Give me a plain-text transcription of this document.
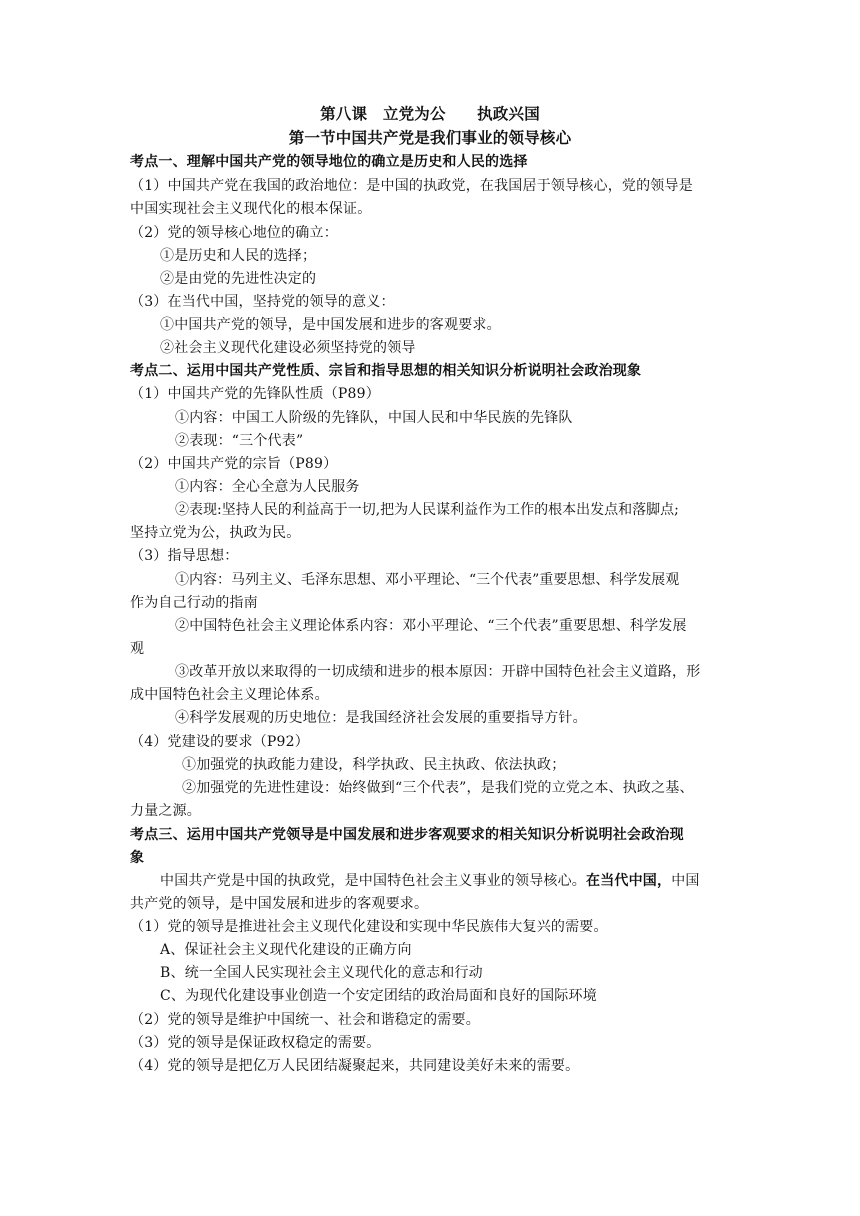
第八课　立党为公　　执政兴国
第一节中国共产党是我们事业的领导核心
考点一、理解中国共产党的领导地位的确立是历史和人民的选择
（1）中国共产党在我国的政治地位：是中国的执政党，在我国居于领导核心，党的领导是
中国实现社会主义现代化的根本保证。
（2）党的领导核心地位的确立：
①是历史和人民的选择；
②是由党的先进性决定的
（3）在当代中国，坚持党的领导的意义：
①中国共产党的领导，是中国发展和进步的客观要求。
②社会主义现代化建设必须坚持党的领导
考点二、运用中国共产党性质、宗旨和指导思想的相关知识分析说明社会政治现象
（1）中国共产党的先锋队性质（P89）
①内容：中国工人阶级的先锋队，中国人民和中华民族的先锋队
②表现：“三个代表”
（2）中国共产党的宗旨（P89）
①内容：全心全意为人民服务
②表现:坚持人民的利益高于一切,把为人民谋利益作为工作的根本出发点和落脚点;
坚持立党为公，执政为民。
（3）指导思想：
①内容：马列主义、毛泽东思想、邓小平理论、“三个代表”重要思想、科学发展观
作为自己行动的指南
②中国特色社会主义理论体系内容：邓小平理论、“三个代表”重要思想、科学发展
观
③改革开放以来取得的一切成绩和进步的根本原因：开辟中国特色社会主义道路，形
成中国特色社会主义理论体系。
④科学发展观的历史地位：是我国经济社会发展的重要指导方针。
（4）党建设的要求（P92）
①加强党的执政能力建设，科学执政、民主执政、依法执政；
②加强党的先进性建设：始终做到“三个代表”，是我们党的立党之本、执政之基、
力量之源。
考点三、运用中国共产党领导是中国发展和进步客观要求的相关知识分析说明社会政治现
象
中国共产党是中国的执政党，是中国特色社会主义事业的领导核心。在当代中国，中国
共产党的领导，是中国发展和进步的客观要求。
（1）党的领导是推进社会主义现代化建设和实现中华民族伟大复兴的需要。
A、保证社会主义现代化建设的正确方向
B、统一全国人民实现社会主义现代化的意志和行动
C、为现代化建设事业创造一个安定团结的政治局面和良好的国际环境
（2）党的领导是维护中国统一、社会和谐稳定的需要。
（3）党的领导是保证政权稳定的需要。
（4）党的领导是把亿万人民团结凝聚起来，共同建设美好未来的需要。
